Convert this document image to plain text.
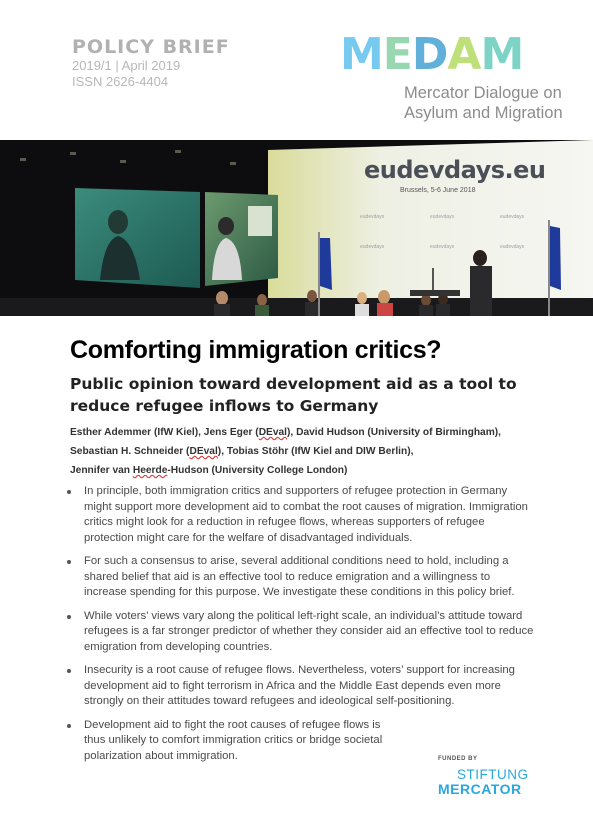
POLICY BRIEF
2019/1 | April 2019
ISSN 2626-4404
M E D A M
Mercator Dialogue on
Asylum and Migration
eudevdays	eudevdays	eudevdays
eudevdays	eudevdays	eudevdays
eudevdays.eu
Brussels, 5-6 June 2018
Comforting immigration critics?
Public opinion toward development aid as a tool to reduce refugee inflows to Germany
Esther Ademmer (IfW Kiel), Jens Eger (DEval), David Hudson (University of Birmingham),
Sebastian H. Schneider (DEval), Tobias Stöhr (IfW Kiel and DIW Berlin),
Jennifer van Heerde-Hudson (University College London)
In principle, both immigration critics and supporters of refugee protection in Germany might support more development aid to combat the root causes of migration. Immigration critics might look for a reduction in refugee flows, whereas supporters of refugee protection might care for the welfare of disadvantaged individuals.
For such a consensus to arise, several additional conditions need to hold, including a shared belief that aid is an effective tool to reduce emigration and a willingness to increase spending for this purpose. We investigate these conditions in this policy brief.
While voters’ views vary along the political left-right scale, an individual’s attitude toward refugees is a far stronger predictor of whether they consider aid an effective tool to reduce emigration from developing countries.
Insecurity is a root cause of refugee flows. Nevertheless, voters’ support for increasing development aid to fight terrorism in Africa and the Middle East depends even more strongly on their attitudes toward refugees and ideological self-positioning.
Development aid to fight the root causes of refugee flows is thus unlikely to comfort immigration critics or bridge societal polarization about immigration.	FUNDED BY
STIFTUNG
MERCATOR
